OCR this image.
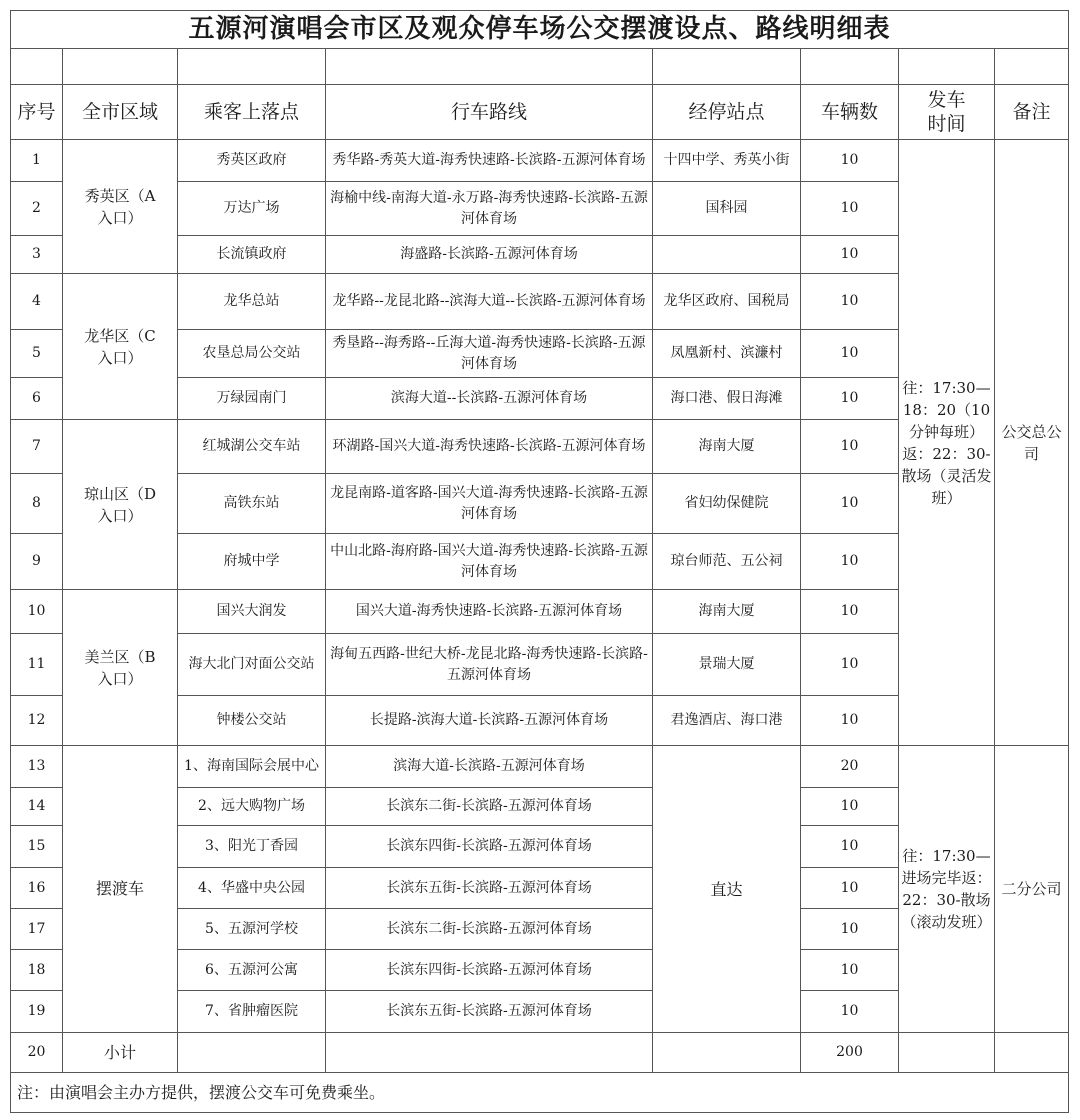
五源河演唱会市区及观众停车场公交摆渡设点、路线明细表							

序号	全市区域	乘客上落点	行车路线	经停站点	车辆数	发车时间	备注
1	秀英区（A入口）	秀英区政府	秀华路-秀英大道-海秀快速路-长滨路-五源河体育场	十四中学、秀英小街	10	往：17:30—18：20（10分钟每班）返：22：30-散场（灵活发班）	公交总公司
2		万达广场	海榆中线-南海大道-永万路-海秀快速路-长滨路-五源河体育场	国科园	10		
3		长流镇政府	海盛路-长滨路-五源河体育场		10		
4	龙华区（C入口）	龙华总站	龙华路--龙昆北路--滨海大道--长滨路-五源河体育场	龙华区政府、国税局	10		
5		农垦总局公交站	秀垦路--海秀路--丘海大道-海秀快速路-长滨路-五源河体育场	凤凰新村、滨濂村	10		
6		万绿园南门	滨海大道--长滨路-五源河体育场	海口港、假日海滩	10		
7	琼山区（D入口）	红城湖公交车站	环湖路-国兴大道-海秀快速路-长滨路-五源河体育场	海南大厦	10		
8		高铁东站	龙昆南路-道客路-国兴大道-海秀快速路-长滨路-五源河体育场	省妇幼保健院	10		
9		府城中学	中山北路-海府路-国兴大道-海秀快速路-长滨路-五源河体育场	琼台师范、五公祠	10		
10	美兰区（B入口）	国兴大润发	国兴大道-海秀快速路-长滨路-五源河体育场	海南大厦	10		
11		海大北门对面公交站	海甸五西路-世纪大桥-龙昆北路-海秀快速路-长滨路-五源河体育场	景瑞大厦	10		
12		钟楼公交站	长提路-滨海大道-长滨路-五源河体育场	君逸酒店、海口港	10		
13	摆渡车	1、海南国际会展中心	滨海大道-长滨路-五源河体育场	直达	20	往：17:30—进场完毕返：22：30-散场（滚动发班）	二分公司
14		2、远大购物广场	长滨东二街-长滨路-五源河体育场		10		
15		3、阳光丁香园	长滨东四街-长滨路-五源河体育场		10		
16		4、华盛中央公园	长滨东五街-长滨路-五源河体育场		10		
17		5、五源河学校	长滨东二街-长滨路-五源河体育场		10		
18		6、五源河公寓	长滨东四街-长滨路-五源河体育场		10		
19		7、省肿瘤医院	长滨东五街-长滨路-五源河体育场		10		
20	小计				200		
注：由演唱会主办方提供，摆渡公交车可免费乘坐。							
